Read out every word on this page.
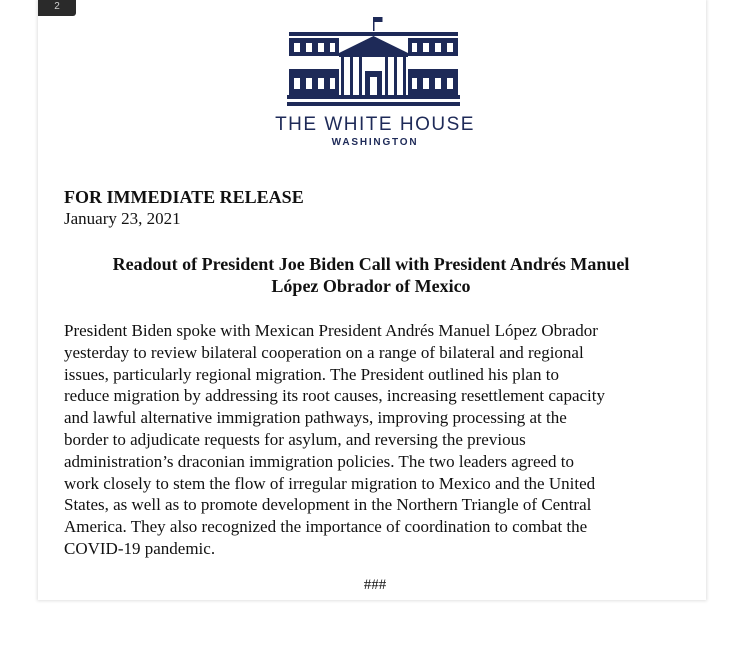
2
THE WHITE HOUSE
WASHINGTON
FOR IMMEDIATE RELEASE
January 23, 2021
Readout of President Joe Biden Call with President Andrés Manuel
López Obrador of Mexico
President Biden spoke with Mexican President Andrés Manuel López Obrador
yesterday to review bilateral cooperation on a range of bilateral and regional
issues, particularly regional migration. The President outlined his plan to
reduce migration by addressing its root causes, increasing resettlement capacity
and lawful alternative immigration pathways, improving processing at the
border to adjudicate requests for asylum, and reversing the previous
administration’s draconian immigration policies. The two leaders agreed to
work closely to stem the flow of irregular migration to Mexico and the United
States, as well as to promote development in the Northern Triangle of Central
America. They also recognized the importance of coordination to combat the
COVID-19 pandemic.
###
